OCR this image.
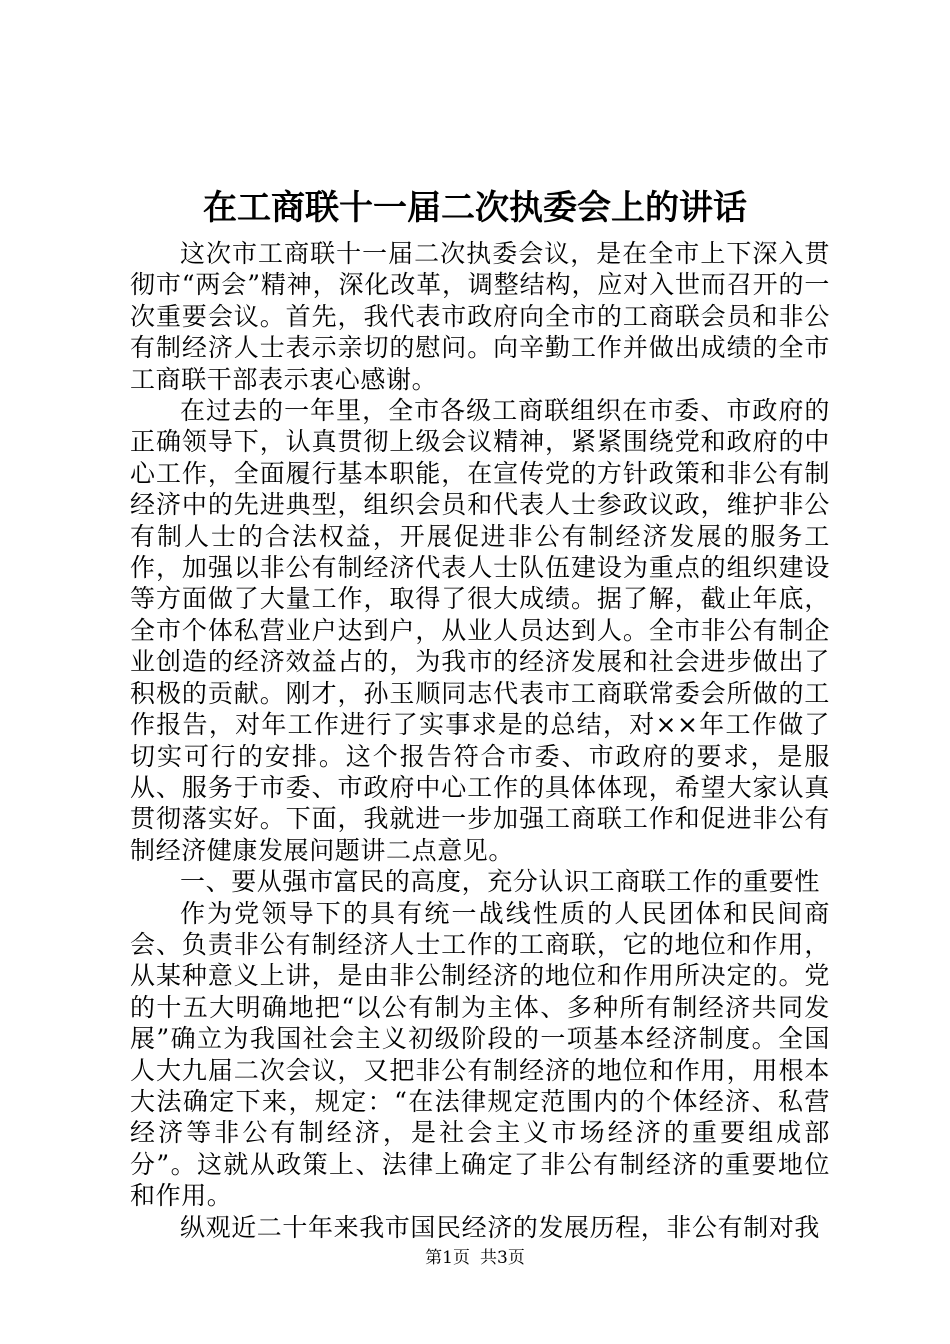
在工商联十一届二次执委会上的讲话

这次市工商联十一届二次执委会议，是在全市上下深入贯彻市“两会”精神，深化改革，调整结构，应对入世而召开的一次重要会议。首先，我代表市政府向全市的工商联会员和非公有制经济人士表示亲切的慰问。向辛勤工作并做出成绩的全市工商联干部表示衷心感谢。

在过去的一年里，全市各级工商联组织在市委、市政府的正确领导下，认真贯彻上级会议精神，紧紧围绕党和政府的中心工作，全面履行基本职能，在宣传党的方针政策和非公有制经济中的先进典型，组织会员和代表人士参政议政，维护非公有制人士的合法权益，开展促进非公有制经济发展的服务工作，加强以非公有制经济代表人士队伍建设为重点的组织建设等方面做了大量工作，取得了很大成绩。据了解，截止年底，全市个体私营业户达到户，从业人员达到人。全市非公有制企业创造的经济效益占的，为我市的经济发展和社会进步做出了积极的贡献。刚才，孙玉顺同志代表市工商联常委会所做的工作报告，对年工作进行了实事求是的总结，对××年工作做了切实可行的安排。这个报告符合市委、市政府的要求，是服从、服务于市委、市政府中心工作的具体体现，希望大家认真贯彻落实好。下面，我就进一步加强工商联工作和促进非公有制经济健康发展问题讲二点意见。

一、要从强市富民的高度，充分认识工商联工作的重要性

作为党领导下的具有统一战线性质的人民团体和民间商会、负责非公有制经济人士工作的工商联，它的地位和作用，从某种意义上讲，是由非公制经济的地位和作用所决定的。党的十五大明确地把“以公有制为主体、多种所有制经济共同发展”确立为我国社会主义初级阶段的一项基本经济制度。全国人大九届二次会议，又把非公有制经济的地位和作用，用根本大法确定下来，规定：“在法律规定范围内的个体经济、私营经济等非公有制经济，是社会主义市场经济的重要组成部分”。这就从政策上、法律上确定了非公有制经济的重要地位和作用。

纵观近二十年来我市国民经济的发展历程，非公有制对我

第1页 共3页
